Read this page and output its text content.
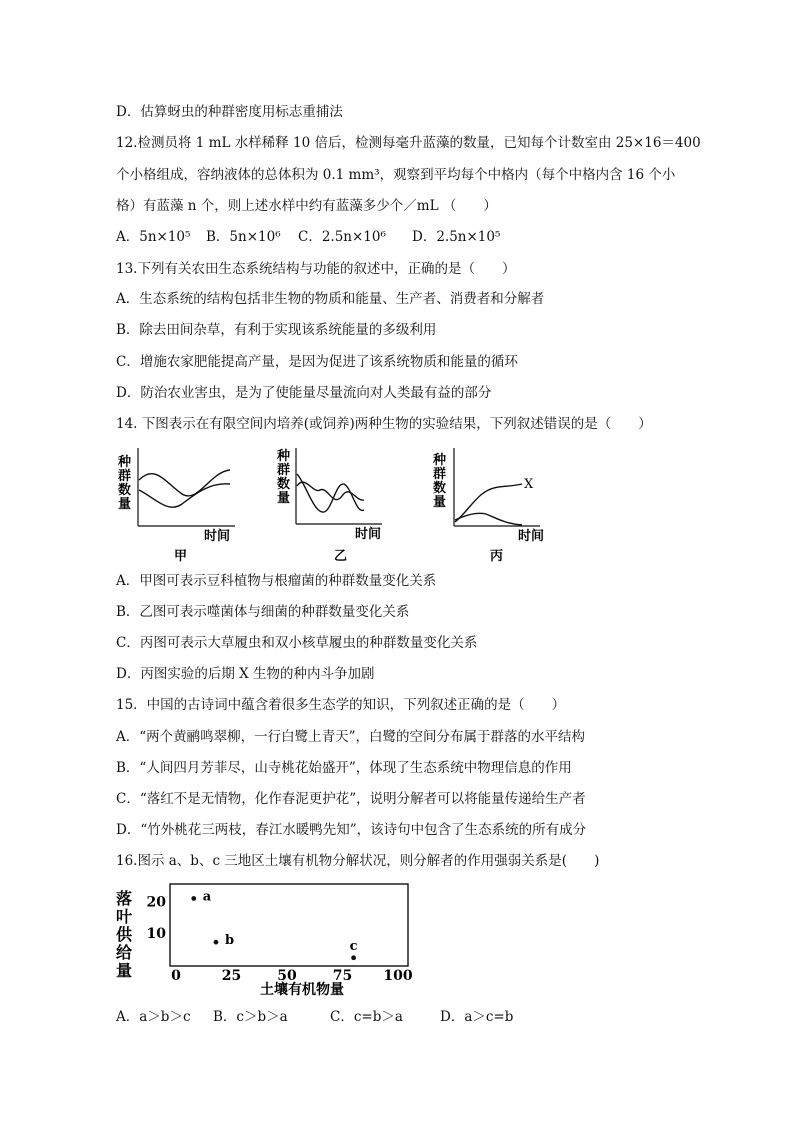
D．估算蚜虫的种群密度用标志重捕法
12.检测员将 1 mL 水样稀释 10 倍后，检测每毫升蓝藻的数量，已知每个计数室由 25×16＝400
个小格组成，容纳液体的总体积为 0.1 mm³，观察到平均每个中格内（每个中格内含 16 个小
格）有蓝藻 n 个，则上述水样中约有蓝藻多少个／mL （　　）
A．5n×10⁵ B．5n×10⁶ C．2.5n×10⁶ D．2.5n×10⁵
13.下列有关农田生态系统结构与功能的叙述中，正确的是（　　）
A．生态系统的结构包括非生物的物质和能量、生产者、消费者和分解者
B．除去田间杂草，有利于实现该系统能量的多级利用
C．增施农家肥能提高产量，是因为促进了该系统物质和能量的循环
D．防治农业害虫，是为了使能量尽量流向对人类最有益的部分
14. 下图表示在有限空间内培养(或饲养)两种生物的实验结果，下列叙述错误的是（　　）
种
群
数
量
时间
甲
种
群
数
量
时间
乙
种
群
数
量
X
时间
丙
A．甲图可表示豆科植物与根瘤菌的种群数量变化关系
B．乙图可表示噬菌体与细菌的种群数量变化关系
C．丙图可表示大草履虫和双小核草履虫的种群数量变化关系
D．丙图实验的后期 X 生物的种内斗争加剧
15．中国的古诗词中蕴含着很多生态学的知识，下列叙述正确的是（　　）
A．“两个黄鹂鸣翠柳，一行白鹭上青天”，白鹭的空间分布属于群落的水平结构
B．“人间四月芳菲尽，山寺桃花始盛开”，体现了生态系统中物理信息的作用
C．“落红不是无情物，化作春泥更护花”，说明分解者可以将能量传递给生产者
D．“竹外桃花三两枝，春江水暖鸭先知”，该诗句中包含了生态系统的所有成分
16.图示 a、b、c 三地区土壤有机物分解状况，则分解者的作用强弱关系是(　　)
落
叶
供
给
量
10
20
0	25	50	75 100
a
b	c
土壤有机物量
A．a＞b＞c B．c＞b＞a	C．c=b＞a	D．a＞c=b
